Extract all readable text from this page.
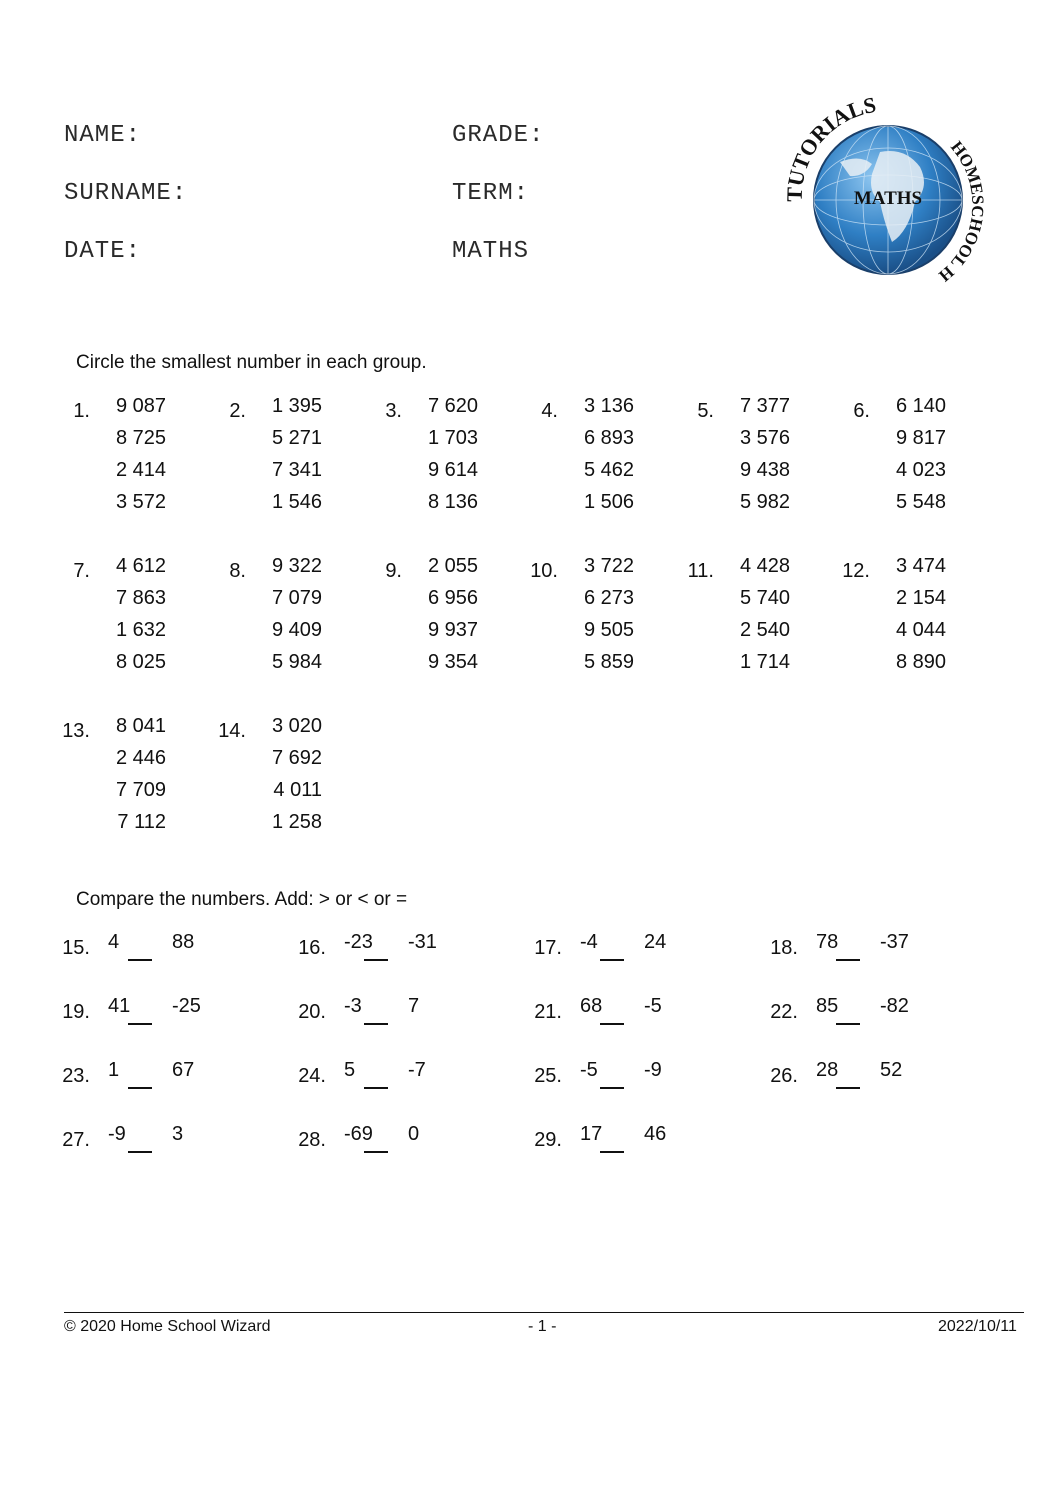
NAME:	GRADE:
SURNAME:	TERM:
DATE:	MATHS
MATHS
TUTORIALS
HOMESCHOOL H
Circle the smallest number in each group.
1.	9 087
8 725
2 414
3 572
2.	1 395
5 271
7 341
1 546
3.	7 620
1 703
9 614
8 136
4.	3 136
6 893
5 462
1 506
5.	7 377
3 576
9 438
5 982
6.	6 140
9 817
4 023
5 548
7.	4 612
7 863
1 632
8 025
8.	9 322
7 079
9 409
5 984
9.	2 055
6 956
9 937
9 354
10.	3 722
6 273
9 505
5 859
11.	4 428
5 740
2 540
1 714
12.	3 474
2 154
4 044
8 890
13.	8 041
2 446
7 709
7 112
14.	3 020
7 692
4 011
1 258
Compare the numbers. Add: > or < or =
15. 4	88	16. -23 -31	17. -4 24	18. 78 -37
19. 41 -25	20. -3 7	21. 68 -5	22. 85 -82
23. 1	67	24. 5	-7	25. -5 -9	26. 28 52
27. -9 3	28. -69 0	29. 17 46
© 2020 Home School Wizard	- 1 -	2022/10/11
